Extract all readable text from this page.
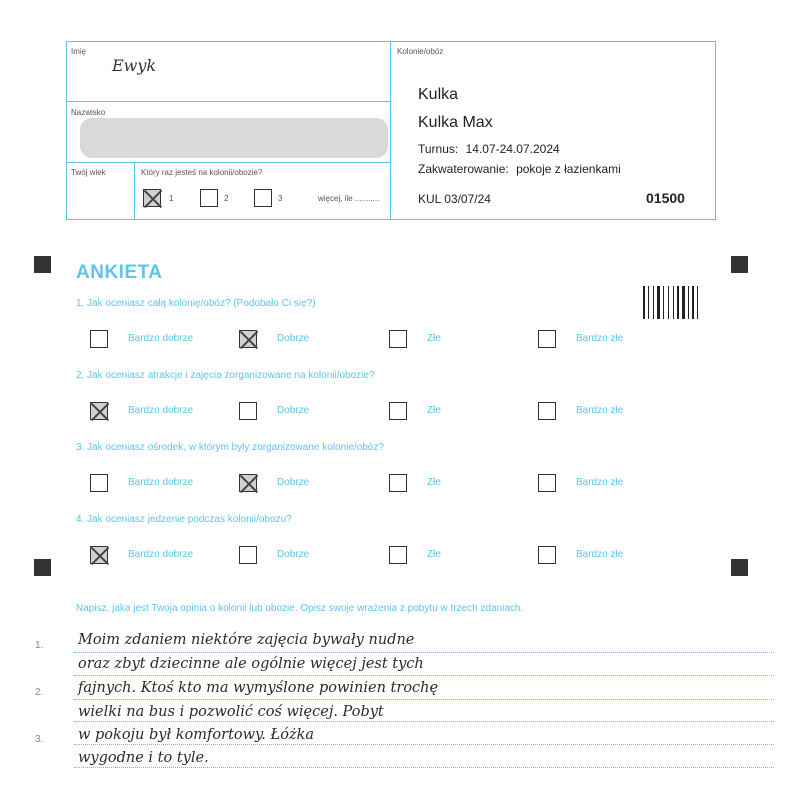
Imię
Ewyk
Nazwisko
Twój wiek	Który raz jesteś na kolonii/obozie?
1	2	3	więcej, ile ...........
Kolonie/obóz
Kulka
Kulka Max
Turnus: 14.07-24.07.2024
Zakwaterowanie: pokoje z łazienkami
KUL 03/07/24	01500
ANKIETA
1. Jak oceniasz całą kolonię/obóz? (Podobało Ci się?)
Bardzo dobrze	Dobrze	Złe	Bardzo złe
2. Jak oceniasz atrakcje i zajęcia zorganizowane na kolonii/obozie?
Bardzo dobrze	Dobrze	Złe	Bardzo złe
3. Jak oceniasz ośrodek, w którym były zorganizowane kolonie/obóz?
Bardzo dobrze	Dobrze	Złe	Bardzo złe
4. Jak oceniasz jedzenie podczas kolonii/obozu?
Bardzo dobrze	Dobrze	Złe	Bardzo złe
Napisz, jaka jest Twoja opinia o kolonii lub obozie. Opisz swoje wrażenia z pobytu w trzech zdaniach.
1.
2.
3.
Moim zdaniem niektóre zajęcia bywały nudne
oraz zbyt dziecinne ale ogólnie więcej jest tych
fajnych. Ktoś kto ma wymyślone powinien trochę
wielki na bus i pozwolić coś więcej. Pobyt
w pokoju był komfortowy. Łóżka
wygodne i to tyle.
